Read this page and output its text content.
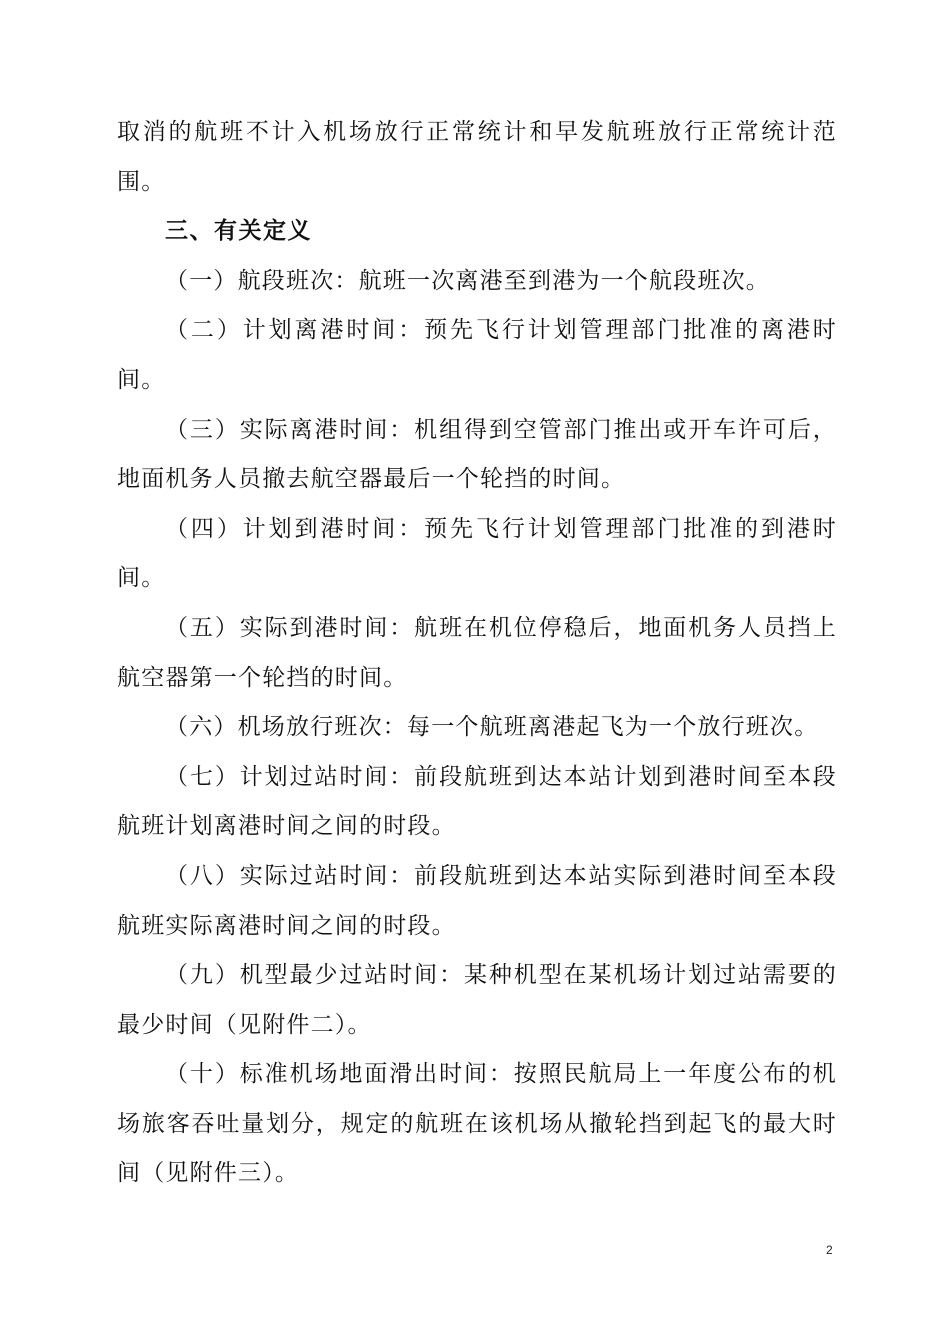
取消的航班不计入机场放行正常统计和早发航班放行正常统计范围。

三、有关定义

（一）航段班次：航班一次离港至到港为一个航段班次。

（二）计划离港时间：预先飞行计划管理部门批准的离港时间。

（三）实际离港时间：机组得到空管部门推出或开车许可后，地面机务人员撤去航空器最后一个轮挡的时间。

（四）计划到港时间：预先飞行计划管理部门批准的到港时间。

（五）实际到港时间：航班在机位停稳后，地面机务人员挡上航空器第一个轮挡的时间。

（六）机场放行班次：每一个航班离港起飞为一个放行班次。

（七）计划过站时间：前段航班到达本站计划到港时间至本段航班计划离港时间之间的时段。

（八）实际过站时间：前段航班到达本站实际到港时间至本段航班实际离港时间之间的时段。

（九）机型最少过站时间：某种机型在某机场计划过站需要的最少时间（见附件二）。

（十）标准机场地面滑出时间：按照民航局上一年度公布的机场旅客吞吐量划分，规定的航班在该机场从撤轮挡到起飞的最大时间（见附件三）。

2
